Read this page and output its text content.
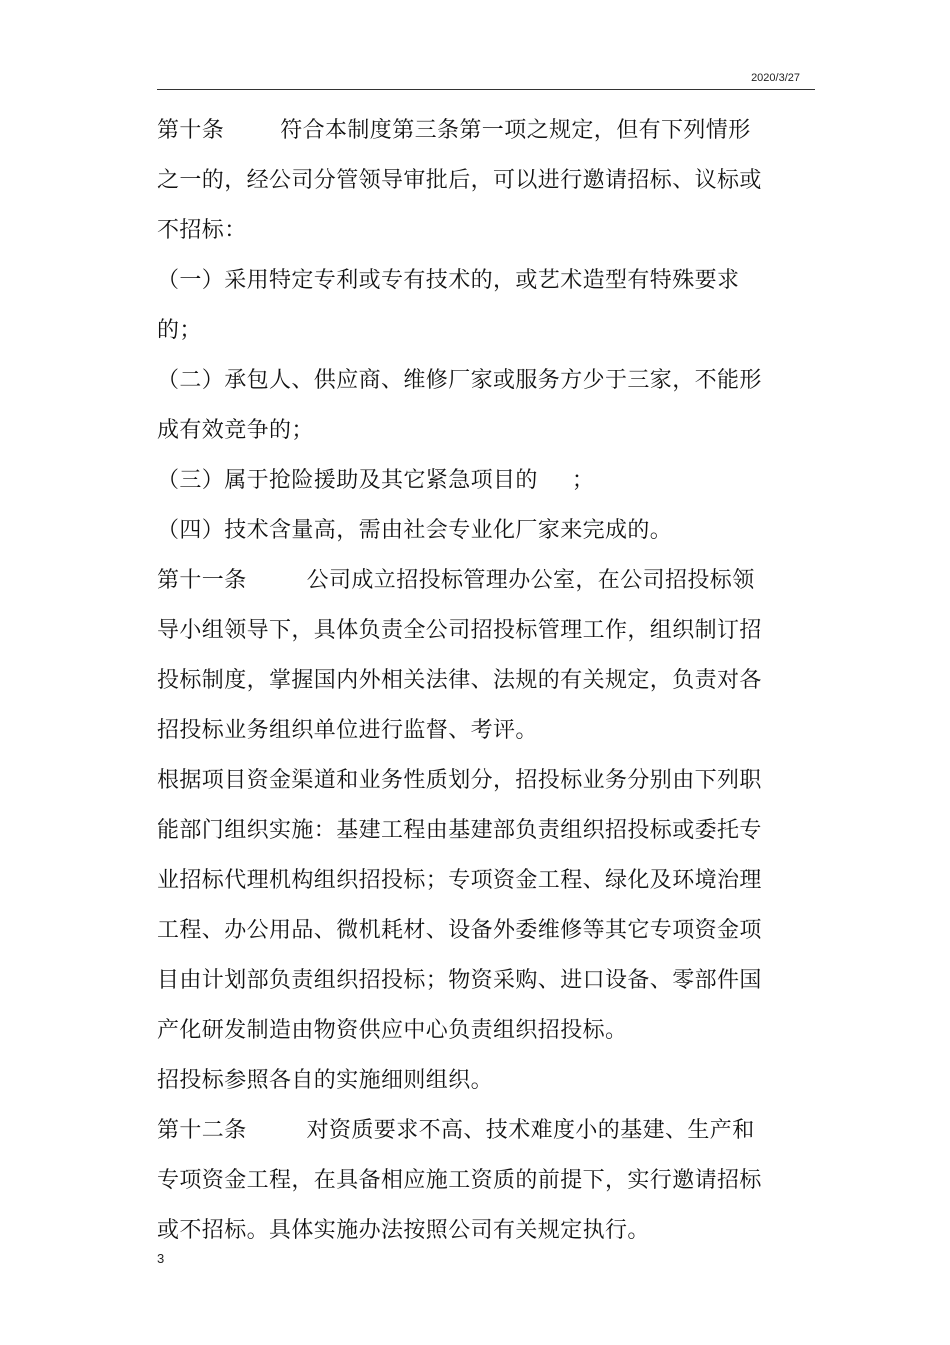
2020/3/27

第十条	符合本制度第三条第一项之规定，但有下列情形之一的，经公司分管领导审批后，可以进行邀请招标、议标或不招标：

（一）采用特定专利或专有技术的，或艺术造型有特殊要求的；

（二）承包人、供应商、维修厂家或服务方少于三家，不能形成有效竞争的；

（三）属于抢险援助及其它紧急项目的 ；

（四）技术含量高，需由社会专业化厂家来完成的。

第十一条	公司成立招投标管理办公室，在公司招投标领导小组领导下，具体负责全公司招投标管理工作，组织制订招投标制度，掌握国内外相关法律、法规的有关规定，负责对各招投标业务组织单位进行监督、考评。

根据项目资金渠道和业务性质划分，招投标业务分别由下列职能部门组织实施：基建工程由基建部负责组织招投标或委托专业招标代理机构组织招投标；专项资金工程、绿化及环境治理工程、办公用品、微机耗材、设备外委维修等其它专项资金项目由计划部负责组织招投标；物资采购、进口设备、零部件国产化研发制造由物资供应中心负责组织招投标。

招投标参照各自的实施细则组织。

第十二条	对资质要求不高、技术难度小的基建、生产和专项资金工程，在具备相应施工资质的前提下，实行邀请招标或不招标。具体实施办法按照公司有关规定执行。

3
